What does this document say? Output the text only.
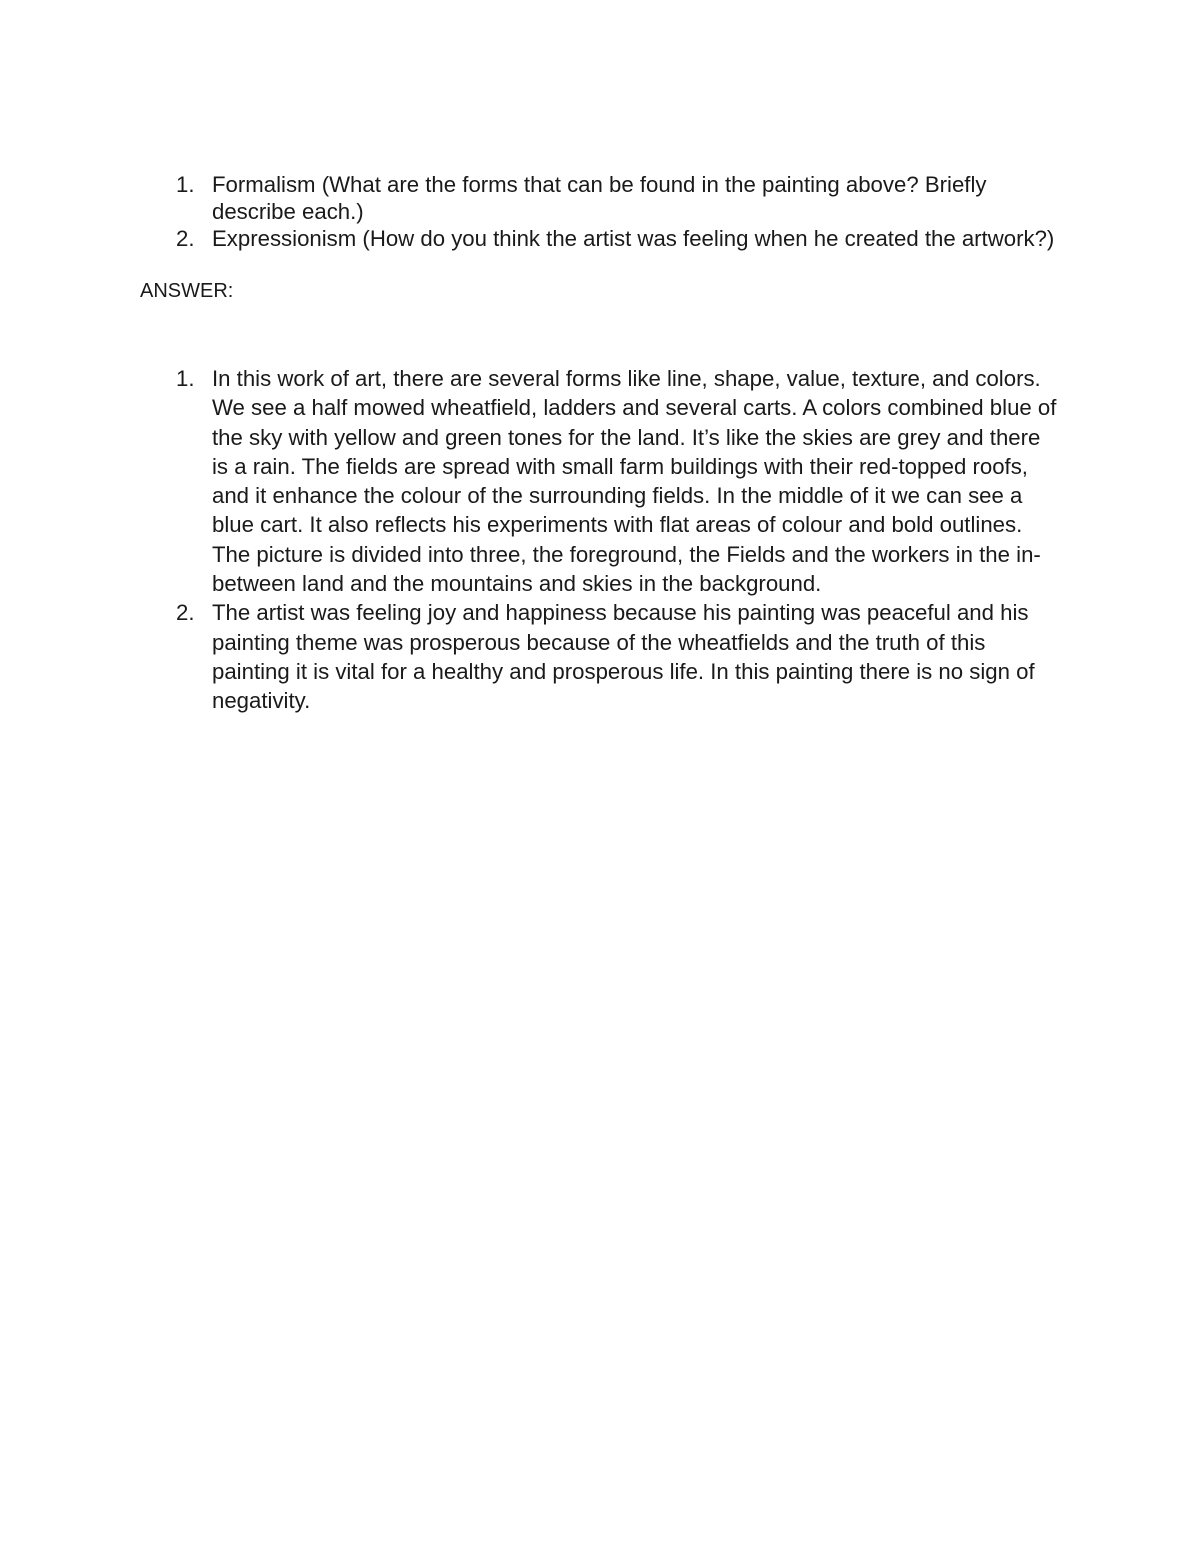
1. Formalism (What are the forms that can be found in the painting above? Briefly describe each.)
2. Expressionism (How do you think the artist was feeling when he created the artwork?)
ANSWER:
1. In this work of art, there are several forms like line, shape, value, texture, and colors. We see a half mowed wheatfield, ladders and several carts. A colors combined blue of the sky with yellow and green tones for the land. It’s like the skies are grey and there is a rain. The fields are spread with small farm buildings with their red-topped roofs, and it enhance the colour of the surrounding fields. In the middle of it we can see a blue cart. It also reflects his experiments with flat areas of colour and bold outlines. The picture is divided into three, the foreground, the Fields and the workers in the in-between land and the mountains and skies in the background.
2. The artist was feeling joy and happiness because his painting was peaceful and his painting theme was prosperous because of the wheatfields and the truth of this painting it is vital for a healthy and prosperous life. In this painting there is no sign of negativity.
